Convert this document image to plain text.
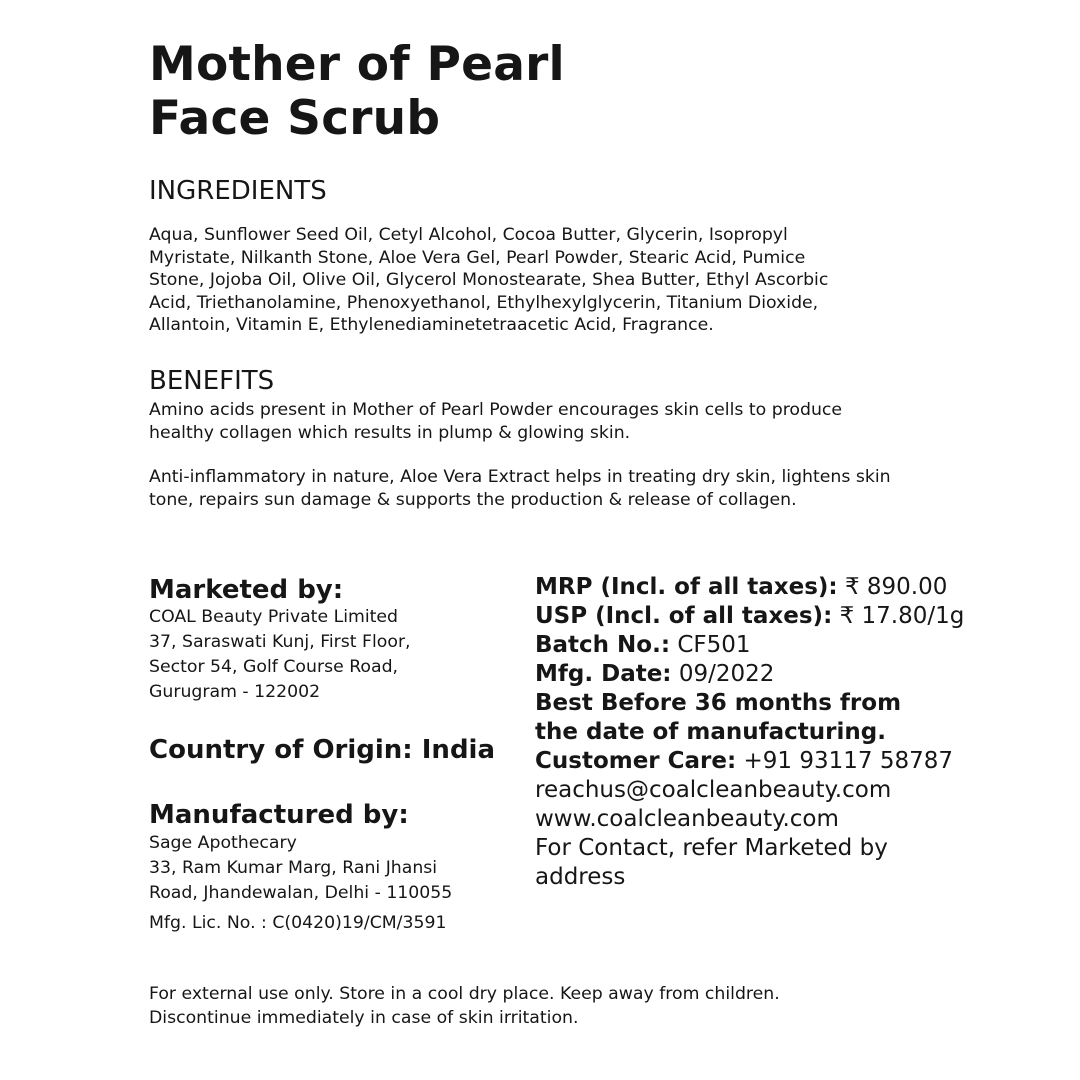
Mother of Pearl
Face Scrub
INGREDIENTS
Aqua, Sunflower Seed Oil, Cetyl Alcohol, Cocoa Butter, Glycerin, Isopropyl
Myristate, Nilkanth Stone, Aloe Vera Gel, Pearl Powder, Stearic Acid, Pumice
Stone, Jojoba Oil, Olive Oil, Glycerol Monostearate, Shea Butter, Ethyl Ascorbic
Acid, Triethanolamine, Phenoxyethanol, Ethylhexylglycerin, Titanium Dioxide,
Allantoin, Vitamin E, Ethylenediaminetetraacetic Acid, Fragrance.
BENEFITS
Amino acids present in Mother of Pearl Powder encourages skin cells to produce
healthy collagen which results in plump & glowing skin.
Anti-inflammatory in nature, Aloe Vera Extract helps in treating dry skin, lightens skin
tone, repairs sun damage & supports the production & release of collagen.
Marketed by:
COAL Beauty Private Limited
37, Saraswati Kunj, First Floor,
Sector 54, Golf Course Road,
Gurugram - 122002
Country of Origin: India
Manufactured by:
Sage Apothecary
33, Ram Kumar Marg, Rani Jhansi
Road, Jhandewalan, Delhi - 110055
Mfg. Lic. No. : C(0420)19/CM/3591
MRP (Incl. of all taxes): ₹ 890.00
USP (Incl. of all taxes): ₹ 17.80/1g
Batch No.: CF501
Mfg. Date: 09/2022
Best Before 36 months from
the date of manufacturing.
Customer Care: +91 93117 58787
reachus@coalcleanbeauty.com
www.coalcleanbeauty.com
For Contact, refer Marketed by
address
For external use only. Store in a cool dry place. Keep away from children.
Discontinue immediately in case of skin irritation.
